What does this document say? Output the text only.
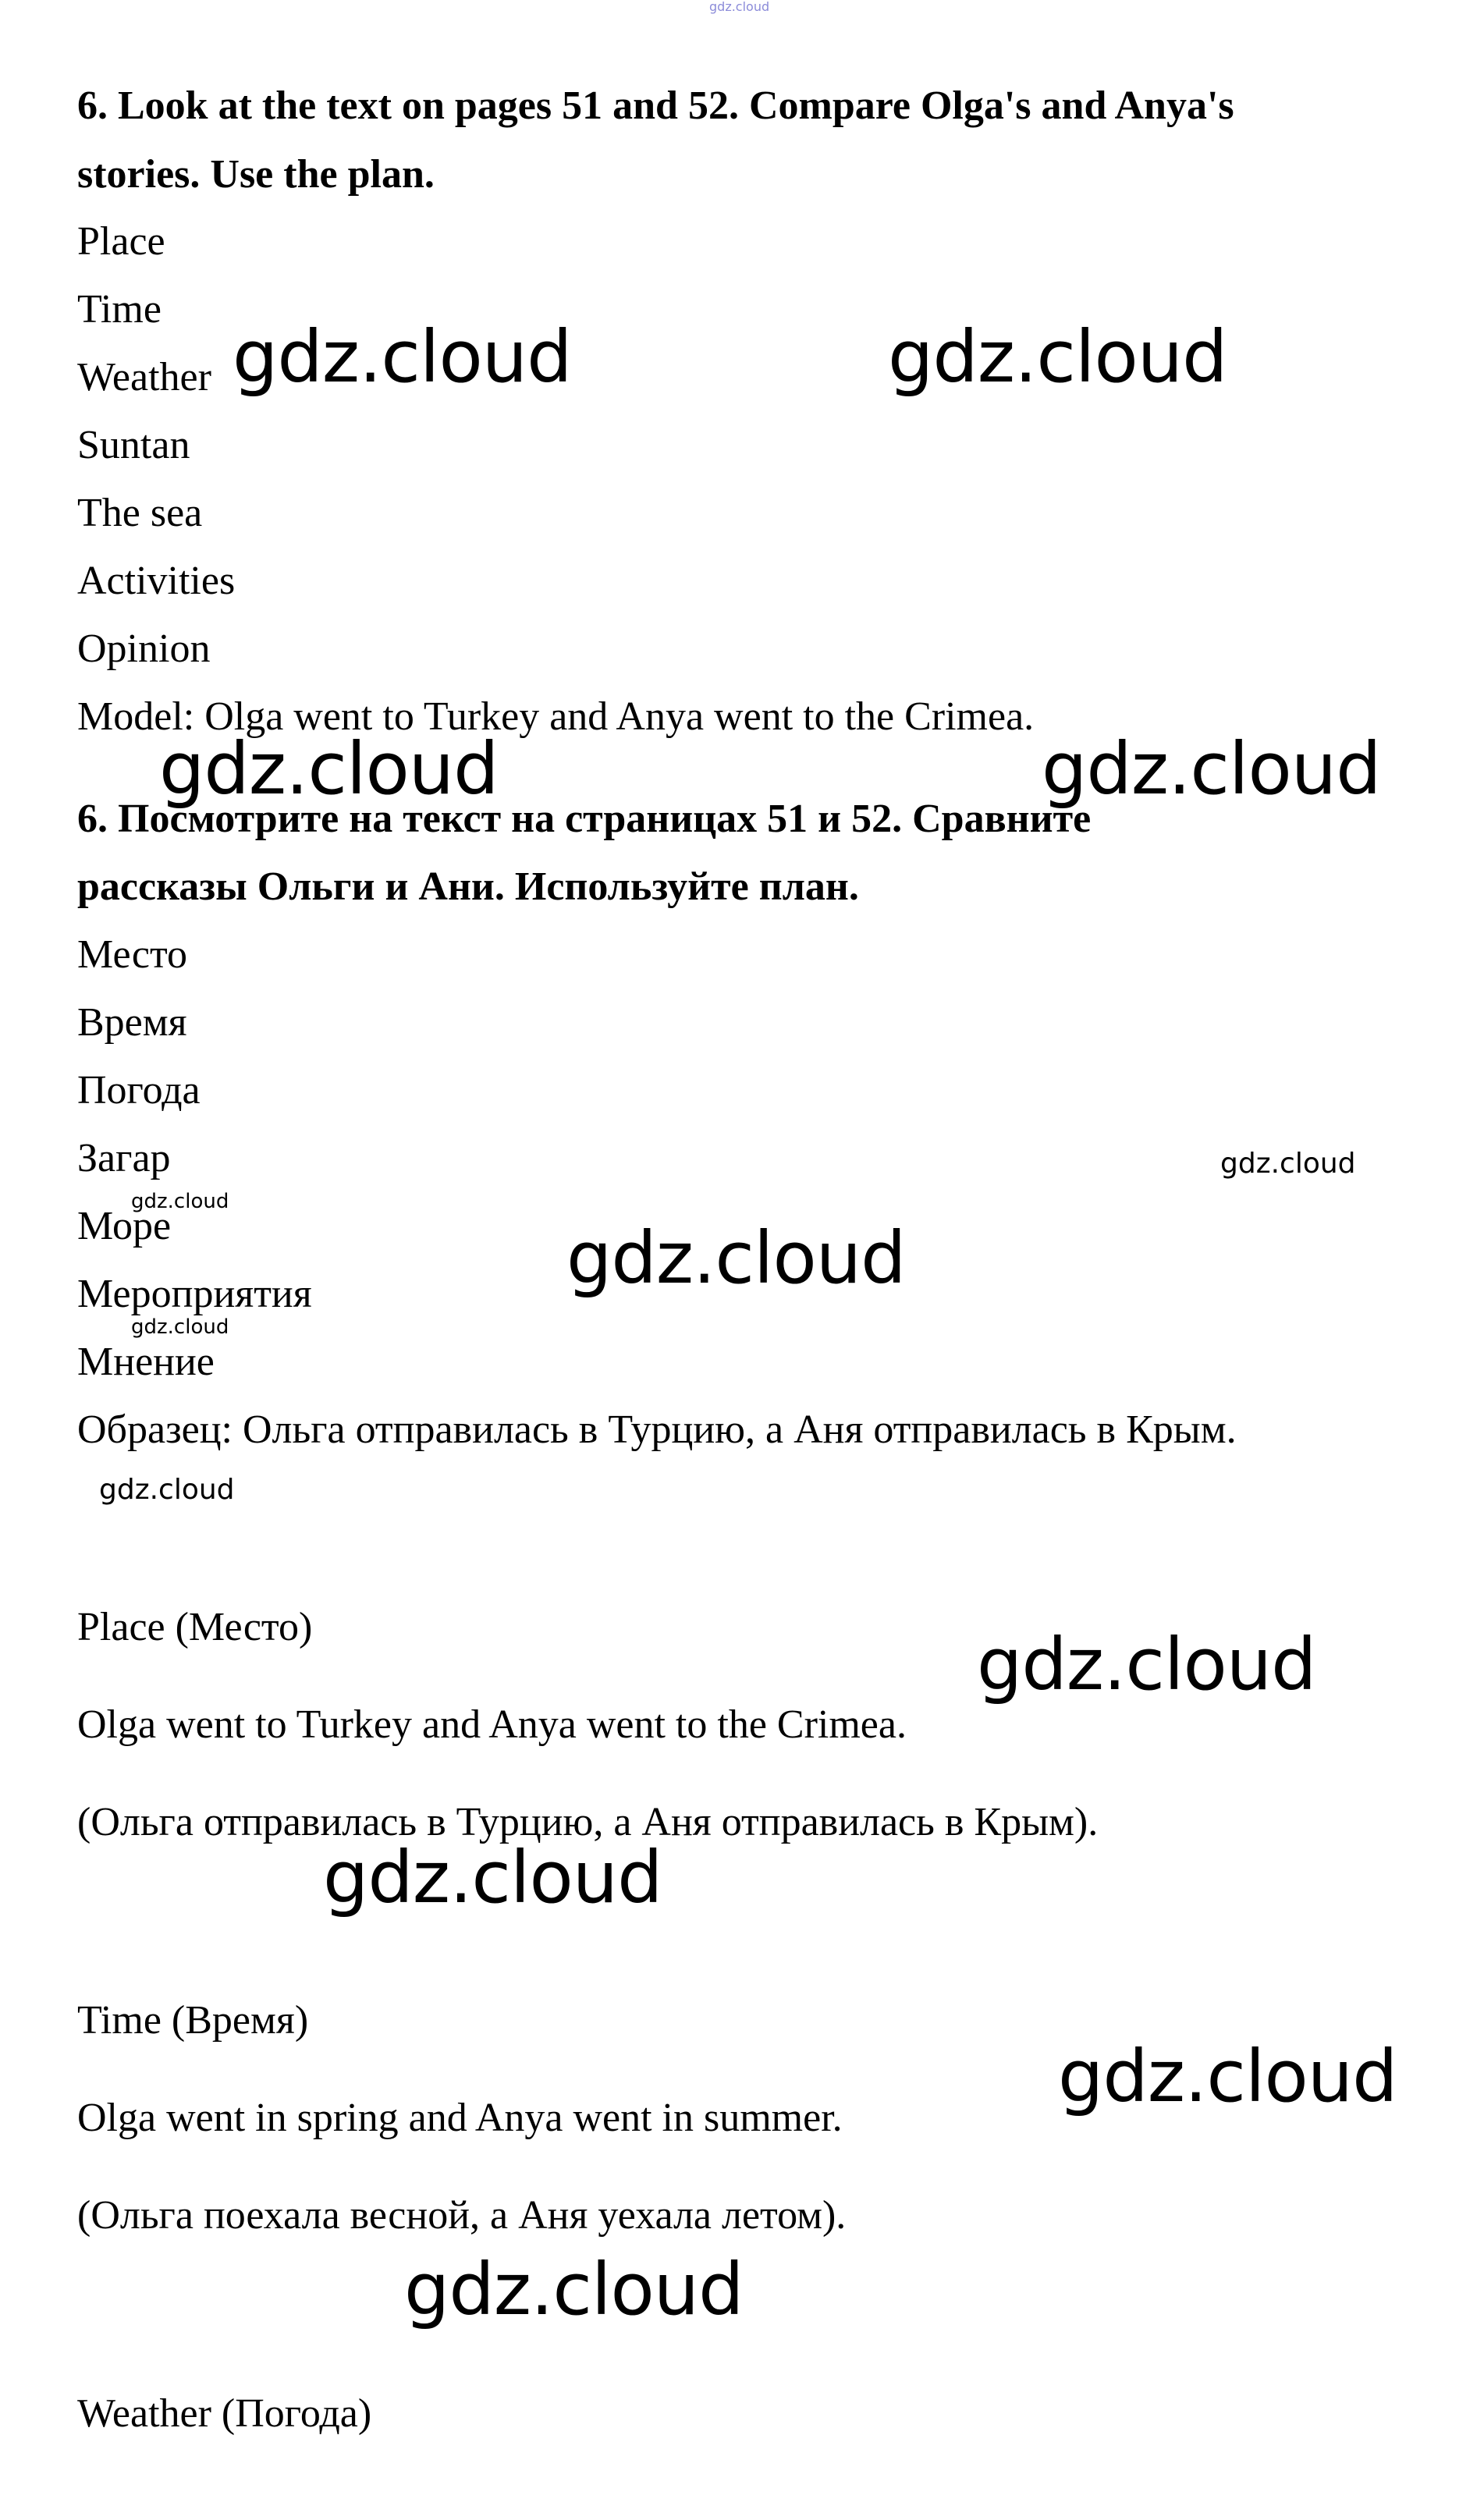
gdz.cloud
6. Look at the text on pages 51 and 52. Compare Olga's and Anya's
stories. Use the plan.
Place
Time
Weather
Suntan
The sea
Activities
Opinion
Model: Olga went to Turkey and Anya went to the Crimea.
6. Посмотрите на текст на страницах 51 и 52. Сравните
рассказы Ольги и Ани. Используйте план.
Место
Время
Погода
Загар
Море
Мероприятия
Мнение
Образец: Ольга отправилась в Турцию, а Аня отправилась в Крым.
Place (Место)
Olga went to Turkey and Anya went to the Crimea.
(Ольга отправилась в Турцию, а Аня отправилась в Крым).
Time (Время)
Olga went in spring and Anya went in summer.
(Ольга поехала весной, а Аня уехала летом).
Weather (Погода)
gdz.cloud	gdz.cloud
gdz.cloud	gdz.cloud
gdz.cloud
gdz.cloud
gdz.cloud
gdz.cloud
gdz.cloud
gdz.cloud
gdz.cloud
gdz.cloud
gdz.cloud
